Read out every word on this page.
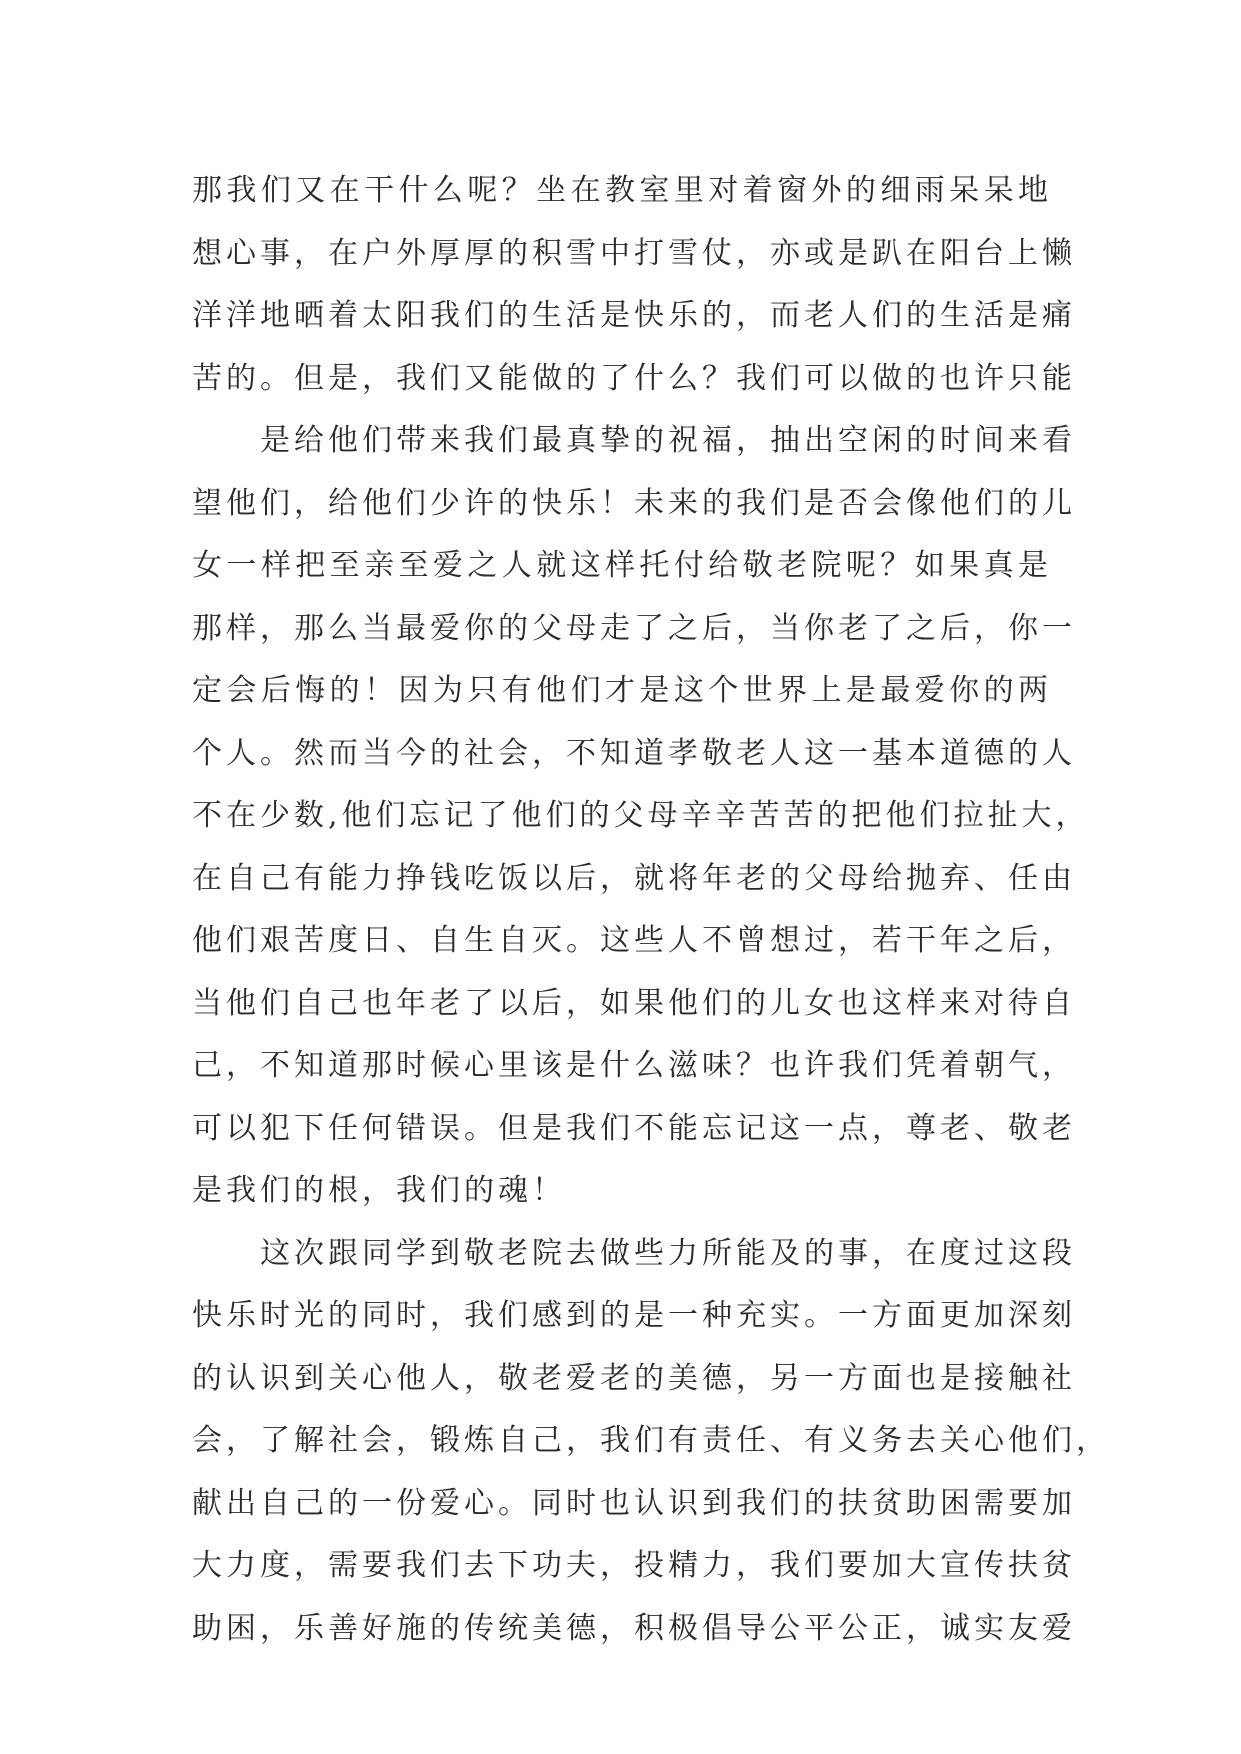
那我们又在干什么呢？坐在教室里对着窗外的细雨呆呆地
想心事，在户外厚厚的积雪中打雪仗，亦或是趴在阳台上懒
洋洋地晒着太阳我们的生活是快乐的，而老人们的生活是痛
苦的。但是，我们又能做的了什么？我们可以做的也许只能
是给他们带来我们最真挚的祝福，抽出空闲的时间来看
望他们，给他们少许的快乐！未来的我们是否会像他们的儿
女一样把至亲至爱之人就这样托付给敬老院呢？如果真是
那样，那么当最爱你的父母走了之后，当你老了之后，你一
定会后悔的！因为只有他们才是这个世界上是最爱你的两
个人。然而当今的社会，不知道孝敬老人这一基本道德的人
不在少数,他们忘记了他们的父母辛辛苦苦的把他们拉扯大，
在自己有能力挣钱吃饭以后，就将年老的父母给抛弃、任由
他们艰苦度日、自生自灭。这些人不曾想过，若干年之后，
当他们自己也年老了以后，如果他们的儿女也这样来对待自
己，不知道那时候心里该是什么滋味？也许我们凭着朝气，
可以犯下任何错误。但是我们不能忘记这一点，尊老、敬老
是我们的根，我们的魂！
这次跟同学到敬老院去做些力所能及的事，在度过这段
快乐时光的同时，我们感到的是一种充实。一方面更加深刻
的认识到关心他人，敬老爱老的美德，另一方面也是接触社
会，了解社会，锻炼自己，我们有责任、有义务去关心他们，
献出自己的一份爱心。同时也认识到我们的扶贫助困需要加
大力度，需要我们去下功夫，投精力，我们要加大宣传扶贫
助困，乐善好施的传统美德，积极倡导公平公正，诚实友爱
